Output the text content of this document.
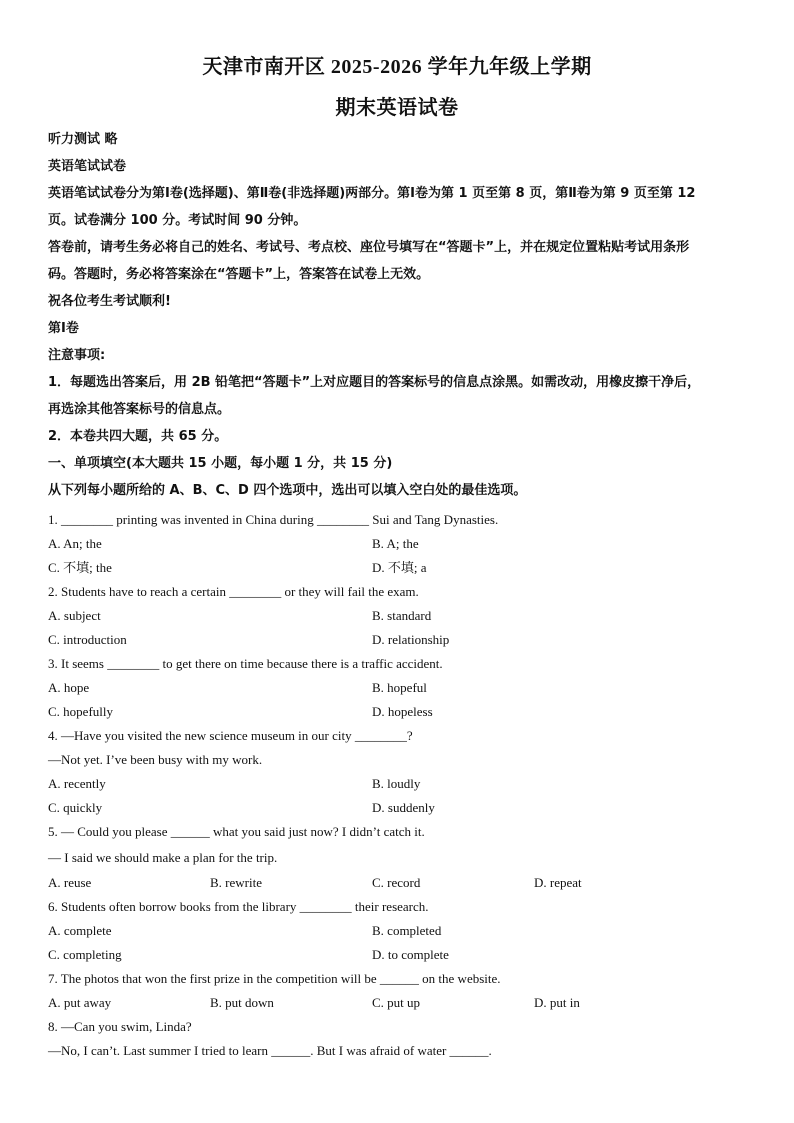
天津市南开区 2025-2026 学年九年级上学期
期末英语试卷

听力测试 略

英语笔试试卷

英语笔试试卷分为第Ⅰ卷(选择题)、第Ⅱ卷(非选择题)两部分。第Ⅰ卷为第 1 页至第 8 页，第Ⅱ卷为第 9 页至第 12

页。试卷满分 100 分。考试时间 90 分钟。

答卷前，请考生务必将自己的姓名、考试号、考点校、座位号填写在“答题卡”上，并在规定位置粘贴考试用条形

码。答题时，务必将答案涂在“答题卡”上，答案答在试卷上无效。

祝各位考生考试顺利!

第Ⅰ卷

注意事项:

1．每题选出答案后，用 2B 铅笔把“答题卡”上对应题目的答案标号的信息点涂黑。如需改动，用橡皮擦干净后，

再选涂其他答案标号的信息点。

2．本卷共四大题，共 65 分。

一、单项填空(本大题共 15 小题，每小题 1 分，共 15 分)

从下列每小题所给的 A、B、C、D 四个选项中，选出可以填入空白处的最佳选项。

1. ________ printing was invented in China during ________ Sui and Tang Dynasties.

A. An; the	B. A; the
C. 不填; the	D. 不填; a

2. Students have to reach a certain ________ or they will fail the exam.

A. subject	B. standard
C. introduction	D. relationship

3. It seems ________ to get there on time because there is a traffic accident.

A. hope	B. hopeful
C. hopefully	D. hopeless

4. —Have you visited the new science museum in our city ________?

—Not yet. I’ve been busy with my work.

A. recently	B. loudly
C. quickly	D. suddenly

5. — Could you please ______ what you said just now? I didn’t catch it.

— I said we should make a plan for the trip.

A. reuse	B. rewrite	C. record	D. repeat

6. Students often borrow books from the library ________ their research.

A. complete	B. completed
C. completing	D. to complete

7. The photos that won the first prize in the competition will be ______ on the website.

A. put away	B. put down	C. put up	D. put in

8. —Can you swim, Linda?

—No, I can’t. Last summer I tried to learn ______. But I was afraid of water ______.
